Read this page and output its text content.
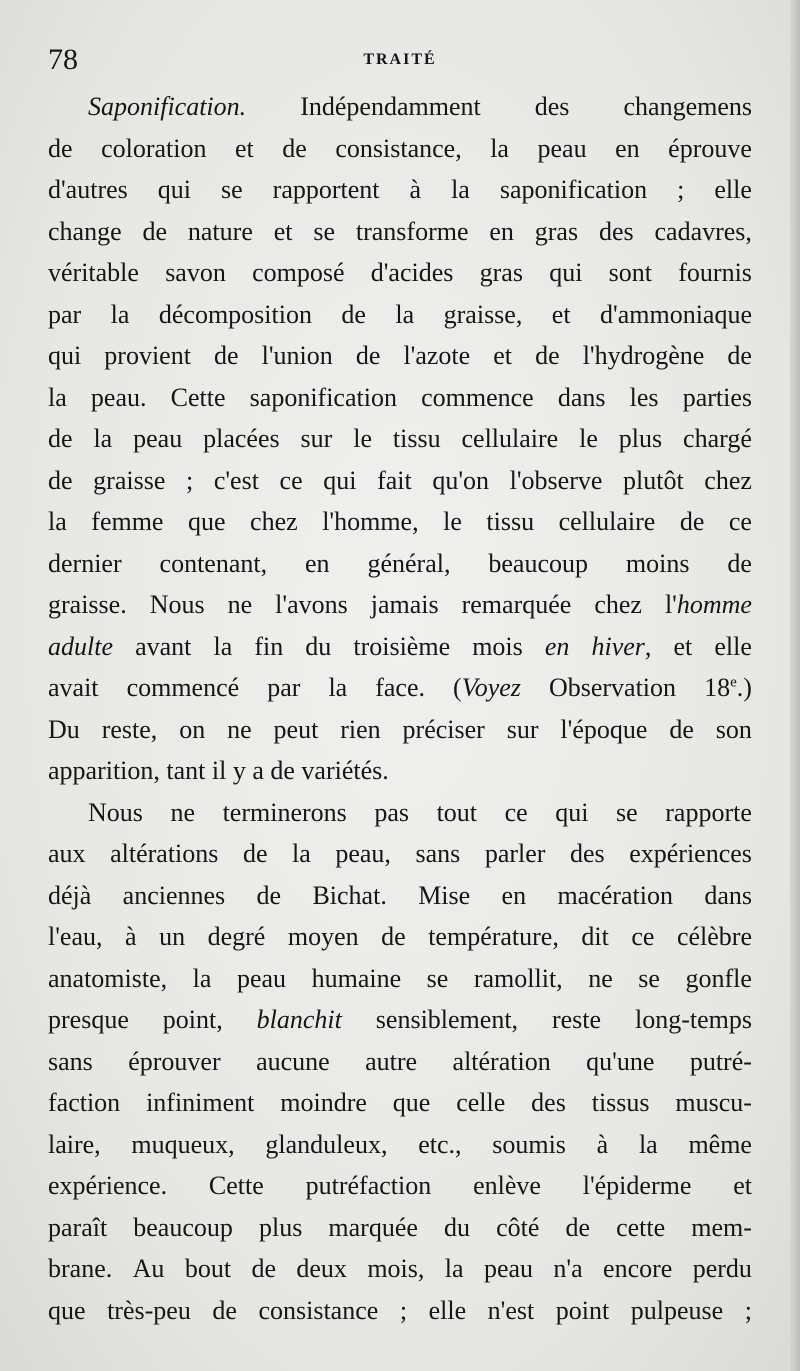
78	TRAITÉ

Saponification. Indépendamment des changemens
de coloration et de consistance, la peau en éprouve
d'autres qui se rapportent à la saponification ; elle
change de nature et se transforme en gras des cadavres,
véritable savon composé d'acides gras qui sont fournis
par la décomposition de la graisse, et d'ammoniaque
qui provient de l'union de l'azote et de l'hydrogène de
la peau. Cette saponification commence dans les parties
de la peau placées sur le tissu cellulaire le plus chargé
de graisse ; c'est ce qui fait qu'on l'observe plutôt chez
la femme que chez l'homme, le tissu cellulaire de ce
dernier contenant, en général, beaucoup moins de
graisse. Nous ne l'avons jamais remarquée chez l'homme
adulte avant la fin du troisième mois en hiver, et elle
avait commencé par la face. (Voyez Observation 18e.)
Du reste, on ne peut rien préciser sur l'époque de son
apparition, tant il y a de variétés.

Nous ne terminerons pas tout ce qui se rapporte
aux altérations de la peau, sans parler des expériences
déjà anciennes de Bichat. Mise en macération dans
l'eau, à un degré moyen de température, dit ce célèbre
anatomiste, la peau humaine se ramollit, ne se gonfle
presque point, blanchit sensiblement, reste long-temps
sans éprouver aucune autre altération qu'une putré-
faction infiniment moindre que celle des tissus muscu-
laire, muqueux, glanduleux, etc., soumis à la même
expérience. Cette putréfaction enlève l'épiderme et
paraît beaucoup plus marquée du côté de cette mem-
brane. Au bout de deux mois, la peau n'a encore perdu
que très-peu de consistance ; elle n'est point pulpeuse ;
